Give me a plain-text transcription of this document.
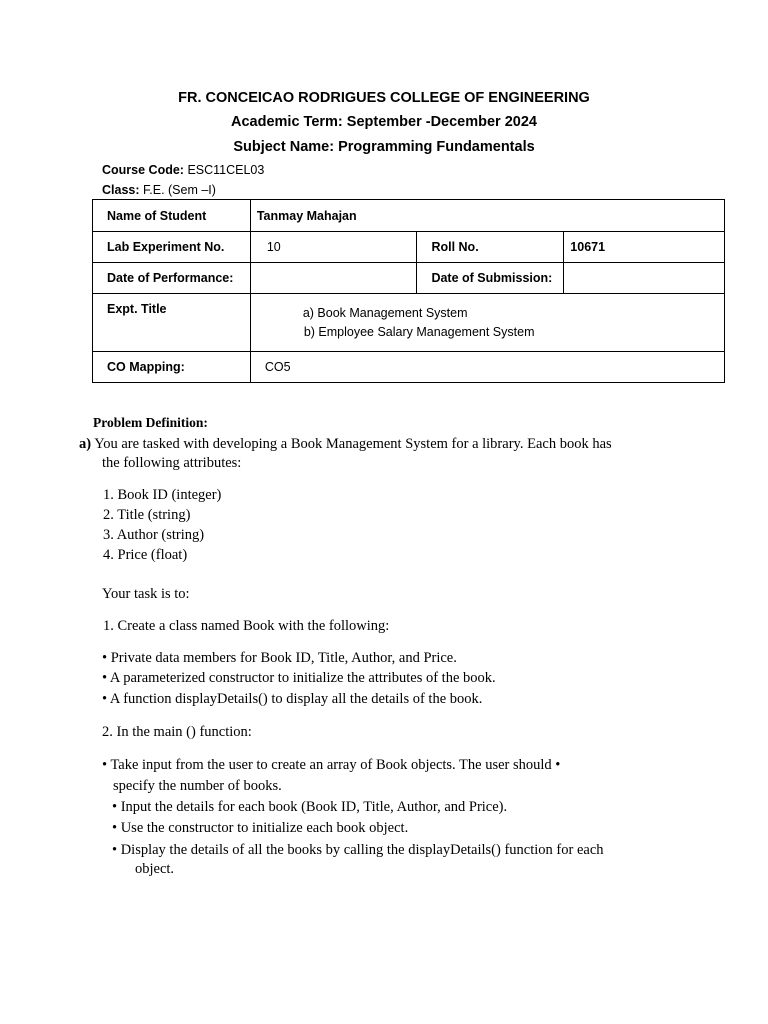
FR. CONCEICAO RODRIGUES COLLEGE OF ENGINEERING
Academic Term: September -December 2024
Subject Name: Programming Fundamentals
Course Code: ESC11CEL03
Class: F.E. (Sem –I)
Name of Student	Tanmay Mahajan		
Lab Experiment No.	10	Roll No.	10671
Date of Performance:		Date of Submission:	
Expt. Title	a) Book Management System
b) Employee Salary Management System		

CO Mapping:	CO5		
Problem Definition:
a) You are tasked with developing a Book Management System for a library. Each book has
the following attributes:
1. Book ID (integer)
2. Title (string)
3. Author (string)
4. Price (float)
Your task is to:
1. Create a class named Book with the following:
• Private data members for Book ID, Title, Author, and Price.
• A parameterized constructor to initialize the attributes of the book.
• A function displayDetails() to display all the details of the book.
2. In the main () function:
• Take input from the user to create an array of Book objects. The user should •
specify the number of books.
• Input the details for each book (Book ID, Title, Author, and Price).
• Use the constructor to initialize each book object.
• Display the details of all the books by calling the displayDetails() function for each
object.
